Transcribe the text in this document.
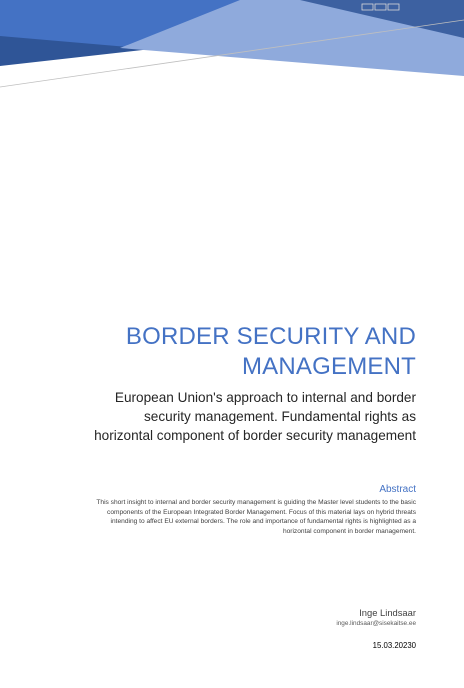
BORDER SECURITY AND MANAGEMENT

European Union's approach to internal and border security management. Fundamental rights as horizontal component of border security management

Abstract

This short insight to internal and border security management is guiding the Master level students to the basic components of the European Integrated Border Management. Focus of this material lays on hybrid threats intending to affect EU external borders. The role and importance of fundamental rights is highlighted as a horizontal component in border management.

Inge Lindsaar
inge.lindsaar@sisekaitse.ee
15.03.20230
